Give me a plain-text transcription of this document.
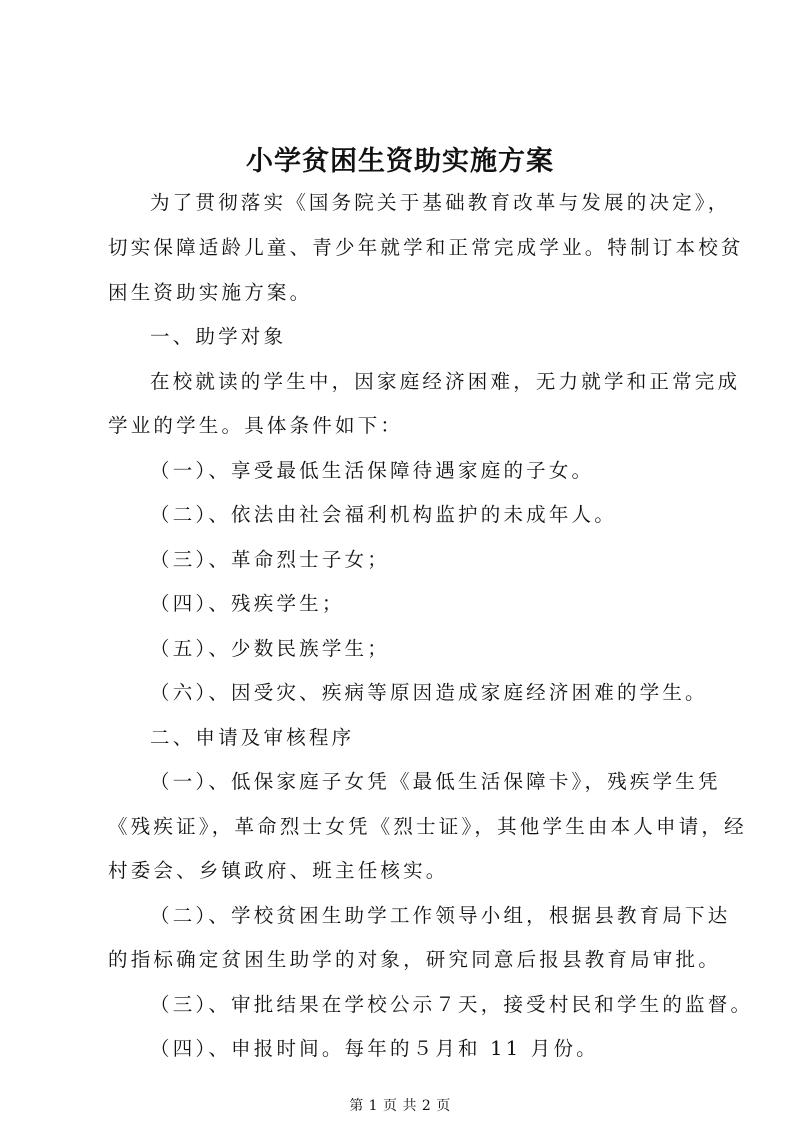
小学贫困生资助实施方案
为了贯彻落实《国务院关于基础教育改革与发展的决定》，
切实保障适龄儿童、青少年就学和正常完成学业。特制订本校贫
困生资助实施方案。
一、助学对象
在校就读的学生中，因家庭经济困难，无力就学和正常完成
学业的学生。具体条件如下：
（一）、享受最低生活保障待遇家庭的子女。
（二）、依法由社会福利机构监护的未成年人。
（三）、革命烈士子女；
（四）、残疾学生；
（五）、少数民族学生；
（六）、因受灾、疾病等原因造成家庭经济困难的学生。
二、申请及审核程序
（一）、低保家庭子女凭《最低生活保障卡》，残疾学生凭
《残疾证》，革命烈士女凭《烈士证》，其他学生由本人申请，经
村委会、乡镇政府、班主任核实。
（二）、学校贫困生助学工作领导小组，根据县教育局下达
的指标确定贫困生助学的对象，研究同意后报县教育局审批。
（三）、审批结果在学校公示７天，接受村民和学生的监督。
（四）、申报时间。每年的５月和 11 月份。
第 1 页 共 2 页
